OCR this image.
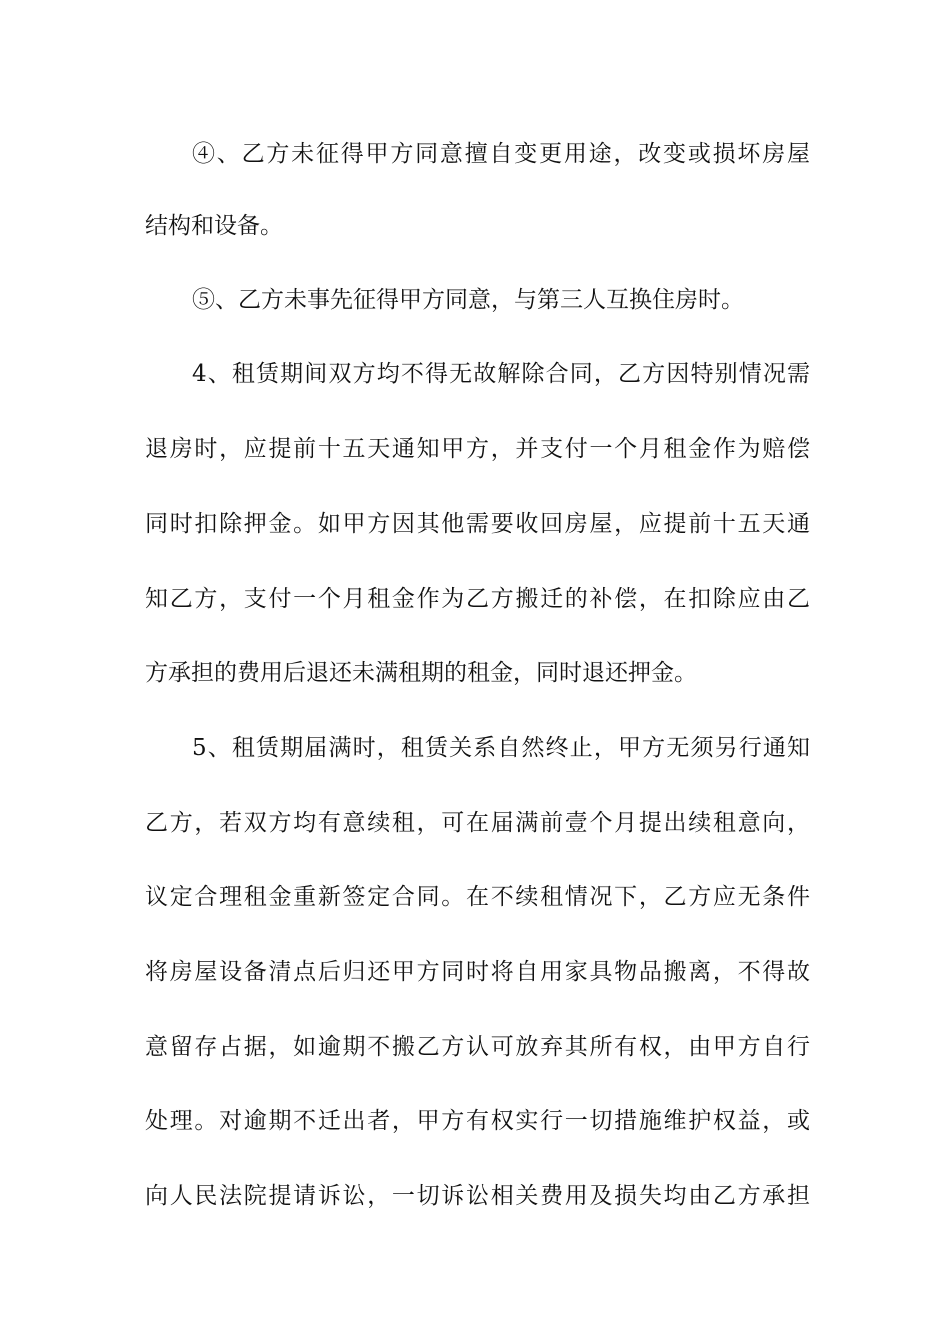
④、乙方未征得甲方同意擅自变更用途，改变或损坏房屋
结构和设备。
⑤、乙方未事先征得甲方同意，与第三人互换住房时。
4、租赁期间双方均不得无故解除合同，乙方因特别情况需
退房时，应提前十五天通知甲方，并支付一个月租金作为赔偿
同时扣除押金。如甲方因其他需要收回房屋，应提前十五天通
知乙方，支付一个月租金作为乙方搬迁的补偿，在扣除应由乙
方承担的费用后退还未满租期的租金，同时退还押金。
5、租赁期届满时，租赁关系自然终止，甲方无须另行通知
乙方，若双方均有意续租，可在届满前壹个月提出续租意向，
议定合理租金重新签定合同。在不续租情况下，乙方应无条件
将房屋设备清点后归还甲方同时将自用家具物品搬离，不得故
意留存占据，如逾期不搬乙方认可放弃其所有权，由甲方自行
处理。对逾期不迁出者，甲方有权实行一切措施维护权益，或
向人民法院提请诉讼，一切诉讼相关费用及损失均由乙方承担
